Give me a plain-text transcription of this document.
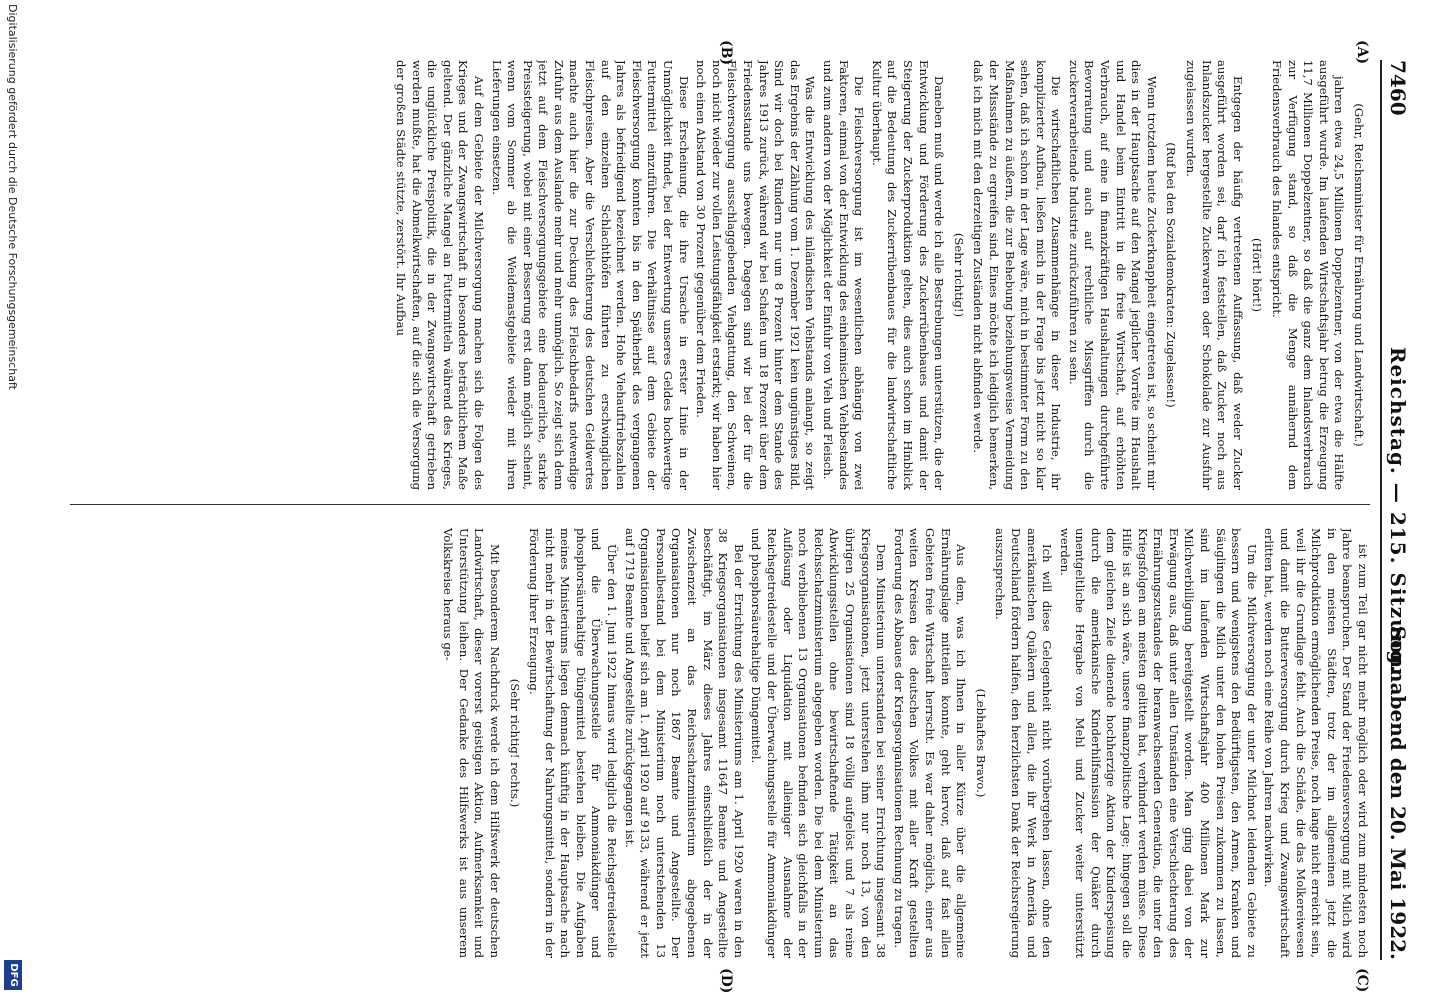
7460
Reichstag. — 215. Sitzung.
Sonnabend den 20. Mai 1922.
(A)
(B)
(C)
(D)

(Gehr, Reichsminister für Ernährung und Landwirtschaft.)

jahren etwa 24,5 Millionen Doppelzentner, von der etwa die Hälfte ausgeführt wurde. Im laufenden Wirtschaftsjahr betrug die Erzeugung 11,7 Millionen Doppelzentner, so daß die ganz dem Inlandsverbrauch zur Verfügung stand, so daß die Menge annähernd dem Friedensverbrauch des Inlandes entspricht.

(Hört! hört!)

Entgegen der häufig vertretenen Auffassung, daß weder Zucker ausgeführt worden sei, darf ich feststellen, daß Zucker noch aus Inlandszucker hergestellte Zuckerwaren oder Schokolade zur Ausfuhr zugelassen wurden.

(Ruf bei den Sozialdemokraten: Zugelassen!)

Wenn trotzdem heute Zuckerknappheit eingetreten ist, so scheint mir dies in der Hauptsache auf den Mangel jeglicher Vorräte im Haushalt und Handel beim Eintritt in die freie Wirtschaft, auf erhöhten Verbrauch, auf eine in finanzkräftigen Haushaltungen durchgeführte Bevorratung und auch auf rechtliche Missgriffen durch die zuckerverarbeitende Industrie zurückzuführen zu sein.

Die wirtschaftlichen Zusammenhänge in dieser Industrie, ihr komplizierter Aufbau, ließen mich in der Frage bis jetzt nicht so klar sehen, daß ich schon in der Lage wäre, mich in bestimmter Form zu den Maßnahmen zu äußern, die zur Behebung beziehungsweise Vermeidung der Missstände zu ergreifen sind. Eines möchte ich lediglich bemerken, daß ich mich mit den derzeitigen Zuständen nicht abfinden werde.

(Sehr richtig!)

Daneben muß und werde ich alle Bestrebungen unterstützen, die der Entwicklung und Förderung des Zuckerrübenbaues und damit der Steigerung der Zuckerproduktion gelten, dies auch schon im Hinblick auf die Bedeutung des Zuckerrübenbaues für die landwirtschaftliche Kultur überhaupt.

Die Fleischversorgung ist im wesentlichen abhängig von zwei Faktoren, einmal von der Entwicklung des einheimischen Viehbestandes und zum andern von der Möglichkeit der Einfuhr von Vieh und Fleisch.

Was die Entwicklung des inländischen Viehstands anlangt, so zeigt das Ergebnis der Zählung vom 1. Dezember 1921 kein ungünstiges Bild. Sind wir doch bei Rindern nur um 8 Prozent hinter dem Stande des Jahres 1913 zurück, während wir bei Schafen um 18 Prozent über dem Friedensstande uns bewegen. Dagegen sind wir bei der für die Fleischversorgung ausschlaggebenden Viehgattung, den Schweinen, noch nicht wieder zur vollen Leistungsfähigkeit erstarkt; wir haben hier noch einen Abstand von 30 Prozent gegenüber dem Frieden.

Diese Erscheinung, die ihre Ursache in erster Linie in der Unmöglichkeit findet, bei der Entwertung unseres Geldes hochwertige Futtermittel einzuführen. Die Verhältnisse auf dem Gebiete der Fleischversorgung konnten bis in den Spätherbst des vergangenen Jahres als befriedigend bezeichnet werden. Hohe Viehauftriebszahlen auf den einzelnen Schlachthöfen führten zu erschwinglichen Fleischpreisen. Aber die Verschlechterung des deutschen Geldwertes machte auch hier die zur Deckung des Fleischbedarfs notwendige Zufuhr aus dem Auslande mehr und mehr unmöglich. So zeigt sich denn jetzt auf dem Fleischversorgungsgebiete eine bedauerliche, starke Preissteigerung, wobei mit einer Besserung erst dann möglich scheint, wenn vom Sommer ab die Weidemastgebiete wieder mit ihren Lieferungen einsetzen.

Auf dem Gebiete der Milchversorgung machen sich die Folgen des Krieges und der Zwangswirtschaft in besonders beträchtlichem Maße geltend. Der gänzliche Mangel an Futtermitteln während des Krieges, die unglückliche Preispolitik, die in der Zwangswirtschaft getrieben werden mußte, hat die Abmelkwirtschaften, auf die sich die Versorgung der großen Städte stützte, zerstört. Ihr Aufbau

ist zum Teil gar nicht mehr möglich oder wird zum mindesten noch Jahre beanspruchen. Der Stand der Friedensversorgung mit Milch wird in den meisten Städten, trotz der im allgemeinen jetzt die Milchproduktion ermöglichenden Preise, noch lange nicht erreicht sein, weil ihr die Grundlage fehlt. Auch die Schäde, die das Molkereiwesen und damit die Butterversorgung durch Krieg und Zwangswirtschaft erlitten hat, werden noch eine Reihe von Jahren nachwirken.

Um die Milchversorgung der unter Milchnot leidenden Gebiete zu bessern und wenigstens den Bedürftigsten, den Armen, Kranken und Säuglingen die Milch unter den hohen Preisen zukommen zu lassen, sind im laufenden Wirtschaftsjahr 400 Millionen Mark zur Milchverbilligung bereitgestellt worden. Man ging dabei von der Erwägung aus, daß unter allen Umständen eine Verschlechterung des Ernährungszustandes der heranwachsenden Generation, die unter den Kriegsfolgen am meisten gelitten hat, verhindert werden müsse. Diese Hilfe ist an sich wäre, unsere finanzpolitische Lage; hingegen soll die dem gleichen Ziele dienende hochherzige Aktion der Kinderspeisung durch die amerikanische Kinderhilfsmission der Quäker durch unentgeltliche Hergabe von Mehl und Zucker weiter unterstützt werden.

Ich will diese Gelegenheit nicht vorübergehen lassen, ohne den amerikanischen Quäkern und allen, die ihr Werk in Amerika und Deutschland fördern halfen, den herzlichsten Dank der Reichsregierung auszusprechen.

(Lebhaftes Bravo.)

Aus dem, was ich Ihnen in aller Kürze über die allgemeine Ernährungslage mitteilen konnte, geht hervor, daß auf fast allen Gebieten freie Wirtschaft herrscht. Es war daher möglich, einer aus weiten Kreisen des deutschen Volkes mit aller Kraft gestellten Forderung des Abbaues der Kriegsorganisationen Rechnung zu tragen.

Dem Ministerium unterstanden bei seiner Errichtung insgesamt 38 Kriegsorganisationen, jetzt unterstehen ihm nur noch 13, von den übrigen 25 Organisationen sind 18 völlig aufgelöst und 7 als reine Abwicklungsstellen ohne bewirtschaftende Tätigkeit an das Reichsschatzministerium abgegeben worden. Die bei dem Ministerium noch verbliebenen 13 Organisationen befinden sich gleichfalls in der Auflösung oder Liquidation mit alleiniger Ausnahme der Reichsgetreidestelle und der Überwachungsstelle für Ammoniakdünger und phosphorsäurehaltige Düngemittel.

Bei der Errichtung des Ministeriums am 1. April 1920 waren in den 38 Kriegsorganisationen insgesamt 11647 Beamte und Angestellte beschäftigt, im März dieses Jahres einschließlich der in der Zwischenzeit an das Reichsschatzministerium abgegebenen Organisationen nur noch 1867 Beamte und Angestellte. Der Personalbestand bei dem Ministerium noch unterstehenden 13 Organisationen belief sich am 1. April 1920 auf 9133, während er jetzt auf 1719 Beamte und Angestellte zurückgegangen ist.

Über den 1. Juni 1922 hinaus wird lediglich die Reichsgetreidestelle und die Überwachungsstelle für Ammoniakdünger und phosphorsäurehaltige Düngemittel bestehen bleiben. Die Aufgaben meines Ministeriums liegen demnach künftig in der Hauptsache nach nicht mehr in der Bewirtschaftung der Nahrungsmittel, sondern in der Förderung ihrer Erzeugung.

(Sehr richtig! rechts.)

Mit besonderem Nachdruck werde ich dem Hilfswerk der deutschen Landwirtschaft, dieser vorerst geistigen Aktion, Aufmerksamkeit und Unterstützung leihen. Der Gedanke des Hilfswerks ist aus unserem Volkskreise heraus ge-

Digitalisierung gefördert durch die Deutsche Forschungsgemeinschaft
DFG
